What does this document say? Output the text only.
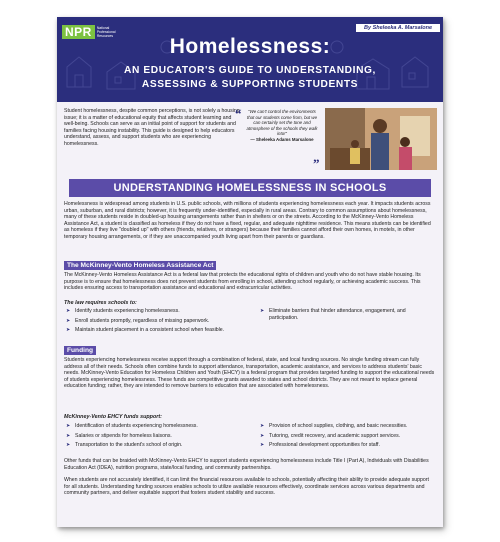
NPR	National Professional Resources
By Sheleeka A. Marsalone
Homelessness:
AN EDUCATOR'S GUIDE TO UNDERSTANDING,
ASSESSING & SUPPORTING STUDENTS

Student homelessness, despite common perceptions, is not solely a housing issue; it is a matter of educational equity that affects student learning and well-being. Schools can serve as an initial point of support for students and families facing housing instability. This guide is designed to help educators understand, assess, and support students who are experiencing homelessness.

“	"We can't control the environments that our students come from, but we can certainly set the tone and atmosphere of the schools they walk into!"
— Sheleeka Adams Marsalone
”
UNDERSTANDING HOMELESSNESS IN SCHOOLS

Homelessness is widespread among students in U.S. public schools, with millions of students experiencing homelessness each year. It impacts students across urban, suburban, and rural districts; however, it is frequently under-identified, especially in rural areas. Contrary to common assumptions about homelessness, many of these students reside in doubled-up housing arrangements rather than in shelters or on the streets. According to the McKinney-Vento Homeless Assistance Act, a student is classified as homeless if they do not have a fixed, regular, and adequate nighttime residence. This means students can be identified as homeless if they live "doubled up" with others (friends, relatives, or strangers) because their families cannot afford their own homes, in motels, in other temporary housing arrangements, or if they are unaccompanied youth living apart from their parents or guardians.

The McKinney-Vento Homeless Assistance Act

The McKinney-Vento Homeless Assistance Act is a federal law that protects the educational rights of children and youth who do not have stable housing. Its purpose is to ensure that homelessness does not prevent students from enrolling in school, attending school regularly, or achieving academic success. This includes ensuring access to transportation assistance and educational and extracurricular activities.

The law requires schools to:
➤ Identify students experiencing homelessness.
➤ Enroll students promptly, regardless of missing paperwork.
➤ Maintain student placement in a consistent school when feasible.
➤ Eliminate barriers that hinder attendance, engagement, and participation.
Funding

Students experiencing homelessness receive support through a combination of federal, state, and local funding sources. No single funding stream can fully address all of their needs. Schools often combine funds to support attendance, transportation, academic assistance, and services to address students' basic needs. McKinney-Vento Education for Homeless Children and Youth (EHCY) is a federal program that provides targeted funding to support the educational needs of students experiencing homelessness. These funds are competitive grants awarded to states and school districts. They are not meant to replace general education funding; rather, they are intended to remove barriers to education that are associated with homelessness.

McKinney-Vento EHCY funds support:
➤ Identification of students experiencing homelessness.
➤ Salaries or stipends for homeless liaisons.
➤ Transportation to the student's school of origin.
➤ Provision of school supplies, clothing, and basic necessities.
➤ Tutoring, credit recovery, and academic support services.
➤ Professional development opportunities for staff.

Other funds that can be braided with McKinney-Vento EHCY to support students experiencing homelessness include Title I (Part A), Individuals with Disabilities Education Act (IDEA), nutrition programs, state/local funding, and community partnerships.

When students are not accurately identified, it can limit the financial resources available to schools, potentially affecting their ability to provide adequate support for all students. Understanding funding sources enables schools to utilize available resources effectively, coordinate services across various departments and community partners, and deliver equitable support that fosters student stability and success.
